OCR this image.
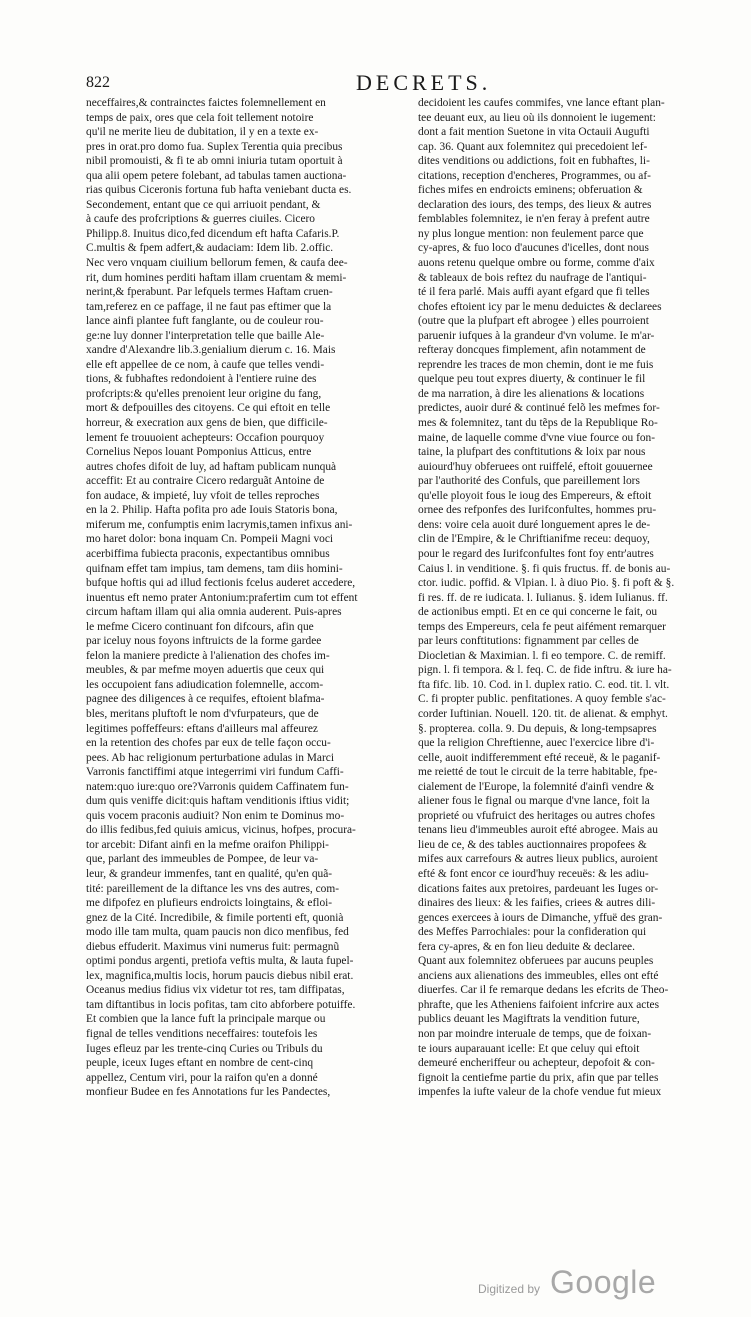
822	DECRETS.
neceffaires,& contrainctes faictes folemnellement en
temps de paix, ores que cela foit tellement notoire
qu'il ne merite lieu de dubitation, il y en a texte ex-
pres in orat.pro domo fua. Suplex Terentia quia precibus
nibil promouisti, & fi te ab omni iniuria tutam oportuit à
qua alii opem petere folebant, ad tabulas tamen auctiona-
rias quibus Ciceronis fortuna fub hafta veniebant ducta es.
Secondement, entant que ce qui arriuoit pendant, &
à caufe des profcriptions & guerres ciuiles. Cicero
Philipp.8. Inuitus dico,fed dicendum eft hafta Cafaris.P.
C.multis & fpem adfert,& audaciam: Idem lib. 2.offic.
Nec vero vnquam ciuilium bellorum femen, & caufa dee-
rit, dum homines perditi haftam illam cruentam & memi-
nerint,& fperabunt. Par lefquels termes Haftam cruen-
tam,referez en ce paffage, il ne faut pas eftimer que la
lance ainfi plantee fuft fanglante, ou de couleur rou-
ge:ne luy donner l'interpretation telle que baille Ale-
xandre d'Alexandre lib.3.genialium dierum c. 16. Mais
elle eft appellee de ce nom, à caufe que telles vendi-
tions, & fubhaftes redondoient à l'entiere ruine des
profcripts:& qu'elles prenoient leur origine du fang,
mort & defpouilles des citoyens. Ce qui eftoit en telle
horreur, & execration aux gens de bien, que difficile-
lement fe trouuoient achepteurs: Occafion pourquoy
Cornelius Nepos louant Pomponius Atticus, entre
autres chofes difoit de luy, ad haftam publicam nunquà
acceffit: Et au contraire Cicero redarguãt Antoine de
fon audace, & impieté, luy vfoit de telles reproches
en la 2. Philip. Hafta pofita pro ade Iouis Statoris bona,
miferum me, confumptis enim lacrymis,tamen infixus ani-
mo haret dolor: bona inquam Cn. Pompeii Magni voci
acerbiffima fubiecta praconis, expectantibus omnibus
quifnam effet tam impius, tam demens, tam diis homini-
bufque hoftis qui ad illud fectionis fcelus auderet accedere,
inuentus eft nemo prater Antonium:prafertim cum tot effent
circum haftam illam qui alia omnia auderent. Puis-apres
le mefme Cicero continuant fon difcours, afin que
par iceluy nous foyons inftruicts de la forme gardee
felon la maniere predicte à l'alienation des chofes im-
meubles, & par mefme moyen aduertis que ceux qui
les occupoient fans adiudication folemnelle, accom-
pagnee des diligences à ce requifes, eftoient blafma-
bles, meritans pluftoft le nom d'vfurpateurs, que de
legitimes poffeffeurs: eftans d'ailleurs mal affeurez
en la retention des chofes par eux de telle façon occu-
pees. Ab hac religionum perturbatione adulas in Marci
Varronis fanctiffimi atque integerrimi viri fundum Caffi-
natem:quo iure:quo ore?Varronis quidem Caffinatem fun-
dum quis veniffe dicit:quis haftam venditionis iftius vidit;
quis vocem praconis audiuit? Non enim te Dominus mo-
do illis fedibus,fed quiuis amicus, vicinus, hofpes, procura-
tor arcebit: Difant ainfi en la mefme oraifon Philippi-
que, parlant des immeubles de Pompee, de leur va-
leur, & grandeur immenfes, tant en qualité, qu'en quã-
tité: pareillement de la diftance les vns des autres, com-
me difpofez en plufieurs endroicts loingtains, & efloi-
gnez de la Cité. Incredibile, & fimile portenti eft, quonià
modo ille tam multa, quam paucis non dico menfibus, fed
diebus effuderit. Maximus vini numerus fuit: permagnũ
optimi pondus argenti, pretiofa veftis multa, & lauta fupel-
lex, magnifica,multis locis, horum paucis diebus nibil erat.
Oceanus medius fidius vix videtur tot res, tam diffipatas,
tam diftantibus in locis pofitas, tam cito abforbere potuiffe.
Et combien que la lance fuft la principale marque ou
fignal de telles venditions neceffaires: toutefois les
Iuges efleuz par les trente-cinq Curies ou Tribuls du
peuple, iceux Iuges eftant en nombre de cent-cinq
appellez, Centum viri, pour la raifon qu'en a donné
monfieur Budee en fes Annotations fur les Pandectes,
decidoient les caufes commifes, vne lance eftant plan-
tee deuant eux, au lieu où ils donnoient le iugement:
dont a fait mention Suetone in vita Octauii Augufti
cap. 36. Quant aux folemnitez qui precedoient lef-
dites venditions ou addictions, foit en fubhaftes, li-
citations, reception d'encheres, Programmes, ou af-
fiches mifes en endroicts eminens; obferuation &
declaration des iours, des temps, des lieux & autres
femblables folemnitez, ie n'en feray à prefent autre
ny plus longue mention: non feulement parce que
cy-apres, & fuo loco d'aucunes d'icelles, dont nous
auons retenu quelque ombre ou forme, comme d'aix
& tableaux de bois reftez du naufrage de l'antiqui-
té il fera parlé. Mais auffi ayant efgard que fi telles
chofes eftoient icy par le menu deduictes & declarees
(outre que la plufpart eft abrogee ) elles pourroient
paruenir iufques à la grandeur d'vn volume. Ie m'ar-
refteray doncques fimplement, afin notamment de
reprendre les traces de mon chemin, dont ie me fuis
quelque peu tout expres diuerty, & continuer le fil
de ma narration, à dire les alienations & locations
predictes, auoir duré & continué felõ les mefmes for-
mes & folemnitez, tant du tẽps de la Republique Ro-
maine, de laquelle comme d'vne viue fource ou fon-
taine, la plufpart des conftitutions & loix par nous
auiourd'huy obferuees ont ruiffelé, eftoit gouuernee
par l'authorité des Confuls, que pareillement lors
qu'elle ployoit fous le ioug des Empereurs, & eftoit
ornee des refponfes des Iurifconfultes, hommes pru-
dens: voire cela auoit duré longuement apres le de-
clin de l'Empire, & le Chriftianifme receu: dequoy,
pour le regard des Iurifconfultes font foy entr'autres
Caius l. in venditione. §. fi quis fructus. ff. de bonis au-
ctor. iudic. poffid. & Vlpian. l. à diuo Pio. §. fi poft & §.
fi res. ff. de re iudicata. l. Iulianus. §. idem Iulianus. ff.
de actionibus empti. Et en ce qui concerne le fait, ou
temps des Empereurs, cela fe peut aifément remarquer
par leurs conftitutions: fignamment par celles de
Diocletian & Maximian. l. fi eo tempore. C. de remiff.
pign. l. fi tempora. & l. feq. C. de fide inftru. & iure ha-
fta fifc. lib. 10. Cod. in l. duplex ratio. C. eod. tit. l. vlt.
C. fi propter public. penfitationes. A quoy femble s'ac-
corder Iuftinian. Nouell. 120. tit. de alienat. & emphyt.
§. propterea. colla. 9. Du depuis, & long-tempsapres
que la religion Chreftienne, auec l'exercice libre d'i-
celle, auoit indifferemment efté receuë, & le paganif-
me reietté de tout le circuit de la terre habitable, fpe-
cialement de l'Europe, la folemnité d'ainfi vendre &
aliener fous le fignal ou marque d'vne lance, foit la
proprieté ou vfufruict des heritages ou autres chofes
tenans lieu d'immeubles auroit efté abrogee. Mais au
lieu de ce, & des tables auctionnaires propofees &
mifes aux carrefours & autres lieux publics, auroient
efté & font encor ce iourd'huy receuës: & les adiu-
dications faites aux pretoires, pardeuant les Iuges or-
dinaires des lieux: & les faifies, criees & autres dili-
gences exercees à iours de Dimanche, yffuë des gran-
des Meffes Parrochiales: pour la confideration qui
fera cy-apres, & en fon lieu deduite & declaree.
Quant aux folemnitez obferuees par aucuns peuples
anciens aux alienations des immeubles, elles ont efté
diuerfes. Car il fe remarque dedans les efcrits de Theo-
phrafte, que les Atheniens faifoient infcrire aux actes
publics deuant les Magiftrats la vendition future,
non par moindre interuale de temps, que de foixan-
te iours auparauant icelle: Et que celuy qui eftoit
demeuré encheriffeur ou achepteur, depofoit & con-
fignoit la centiefme partie du prix, afin que par telles
impenfes la iufte valeur de la chofe vendue fut mieux
Digitized by Google
